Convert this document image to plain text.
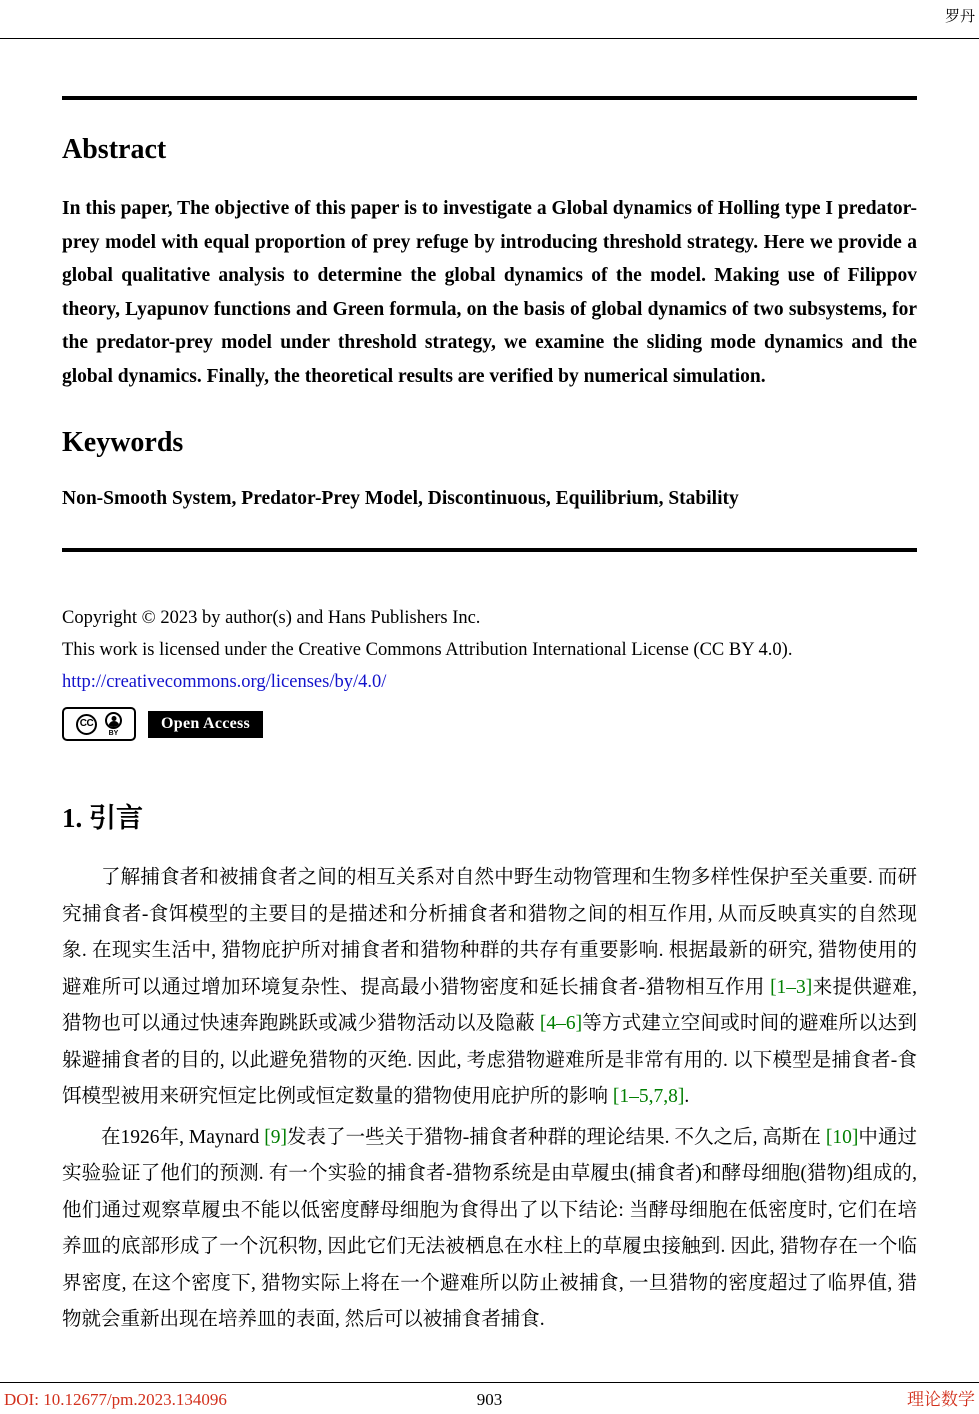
罗丹
Abstract

In this paper, The objective of this paper is to investigate a Global dynamics of Holling type I predator-prey model with equal proportion of prey refuge by introducing threshold strategy. Here we provide a global qualitative analysis to determine the global dynamics of the model. Making use of Filippov theory, Lyapunov functions and Green formula, on the basis of global dynamics of two subsystems, for the predator-prey model under threshold strategy, we examine the sliding mode dynamics and the global dynamics. Finally, the theoretical results are verified by numerical simulation.

Keywords

Non-Smooth System, Predator-Prey Model, Discontinuous, Equilibrium, Stability

Copyright © 2023 by author(s) and Hans Publishers Inc.

This work is licensed under the Creative Commons Attribution International License (CC BY 4.0).

http://creativecommons.org/licenses/by/4.0/

CC
BY
Open Access
1. 引言

了解捕食者和被捕食者之间的相互关系对自然中野生动物管理和生物多样性保护至关重要. 而研究捕食者-食饵模型的主要目的是描述和分析捕食者和猎物之间的相互作用, 从而反映真实的自然现象. 在现实生活中, 猎物庇护所对捕食者和猎物种群的共存有重要影响. 根据最新的研究, 猎物使用的避难所可以通过增加环境复杂性、提高最小猎物密度和延长捕食者-猎物相互作用 [1–3]来提供避难, 猎物也可以通过快速奔跑跳跃或减少猎物活动以及隐蔽 [4–6]等方式建立空间或时间的避难所以达到躲避捕食者的目的, 以此避免猎物的灭绝. 因此, 考虑猎物避难所是非常有用的. 以下模型是捕食者-食饵模型被用来研究恒定比例或恒定数量的猎物使用庇护所的影响 [1–5,7,8].

在1926年, Maynard [9]发表了一些关于猎物-捕食者种群的理论结果. 不久之后, 高斯在 [10]中通过实验验证了他们的预测. 有一个实验的捕食者-猎物系统是由草履虫(捕食者)和酵母细胞(猎物)组成的, 他们通过观察草履虫不能以低密度酵母细胞为食得出了以下结论: 当酵母细胞在低密度时, 它们在培养皿的底部形成了一个沉积物, 因此它们无法被栖息在水柱上的草履虫接触到. 因此, 猎物存在一个临界密度, 在这个密度下, 猎物实际上将在一个避难所以防止被捕食, 一旦猎物的密度超过了临界值, 猎物就会重新出现在培养皿的表面, 然后可以被捕食者捕食.

DOI: 10.12677/pm.2023.134096	903	理论数学
